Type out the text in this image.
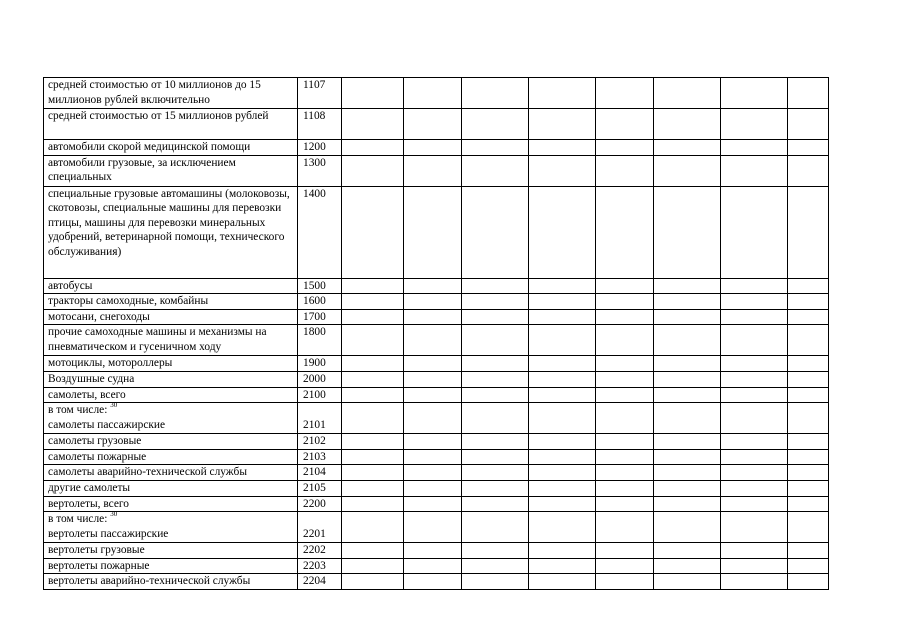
средней стоимостью от 10 миллионов до 15 миллионов рублей включительно	1107								

средней стоимостью от 15 миллионов рублей	1108								

автомобили скорой медицинской помощи	1200								

автомобили грузовые, за исключением специальных	1300								

специальные грузовые автомашины (молоковозы, скотовозы, специальные машины для перевозки птицы, машины для перевозки минеральных удобрений, ветеринарной помощи, технического обслуживания)	1400								

автобусы	1500								

тракторы самоходные, комбайны	1600								

мотосани, снегоходы	1700								

прочие самоходные машины и механизмы на пневматическом и гусеничном ходу	1800								

мотоциклы, мотороллеры	1900								

Воздушные судна	2000								

самолеты, всего	2100								

в том числе: $^{30}$
самолеты пассажирские	2101								

самолеты грузовые	2102								

самолеты пожарные	2103								

самолеты аварийно-технической службы	2104								

другие самолеты	2105								

вертолеты, всего	2200								

в том числе: $^{30}$
вертолеты пассажирские	2201								

вертолеты грузовые	2202								

вертолеты пожарные	2203								

вертолеты аварийно-технической службы	2204								
